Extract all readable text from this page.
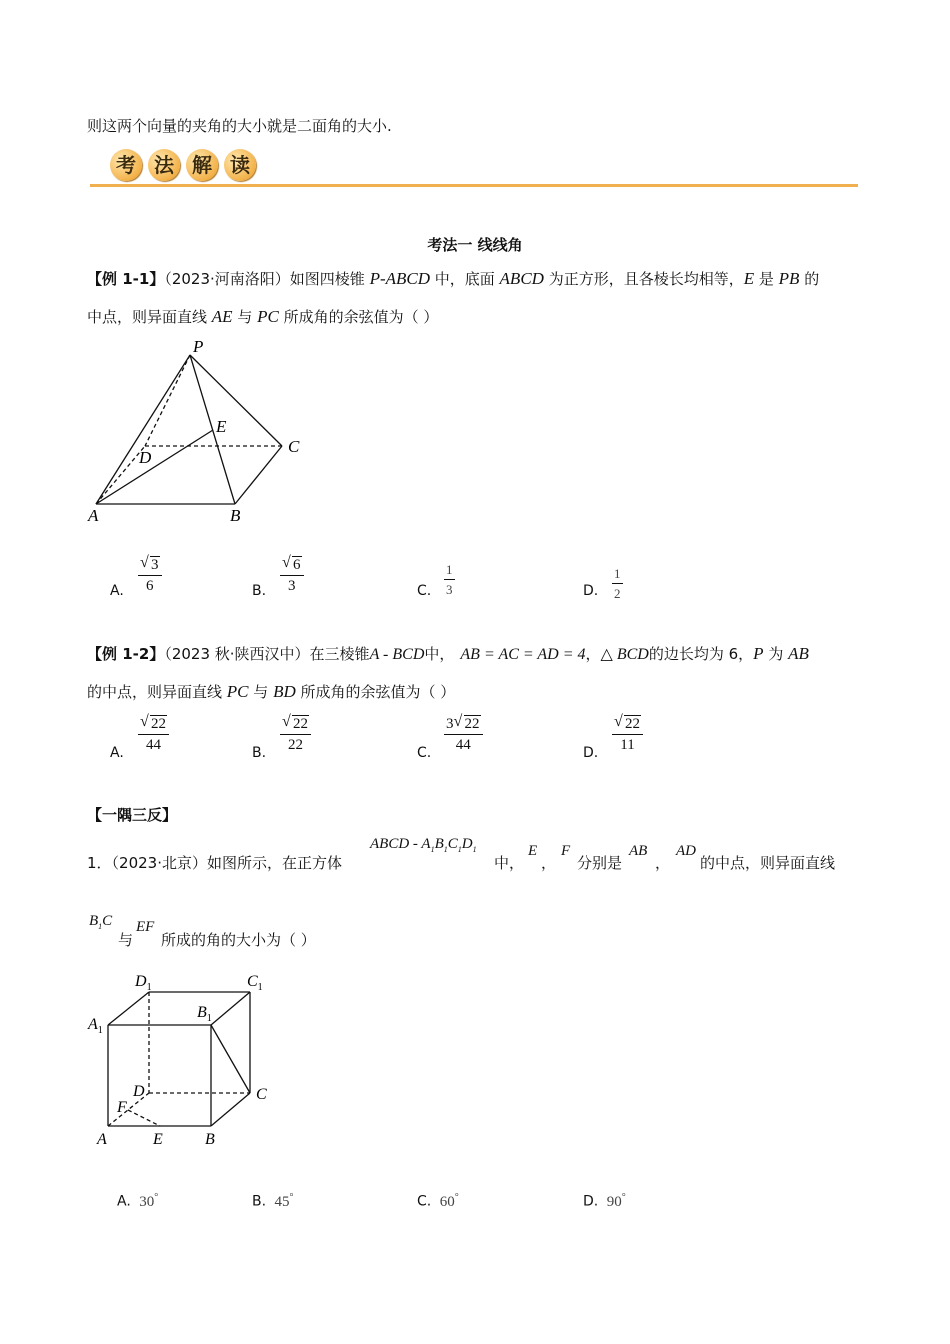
则这两个向量的夹角的大小就是二面角的大小.
考 法 解 读
考法一 线线角
【例 1-1】（2023·河南洛阳）如图四棱锥 P-ABCD 中，底面 ABCD 为正方形，且各棱长均相等，E 是 PB 的
中点，则异面直线 AE 与 PC 所成角的余弦值为（ ）
P
E
C
D
A	B
A. $\frac{√ 3}{6}$	B. $\frac{√ 6}{3}$	C. $\frac{1}{3}$	D. $\frac{1}{2}$
【例 1-2】（2023 秋·陕西汉中）在三棱锥A - BCD中， AB = AC = AD = 4，△ BCD的边长均为 6，P 为 AB
的中点，则异面直线 PC 与 BD 所成角的余弦值为（ ）
A. $\frac{√ 22}{44}$	B. $\frac{√ 22}{22}$	C. $\frac{3 √ 22}{44}$	D. $\frac{√ 22}{11}$
【一隅三反】
1．（2023·北京）如图所示，在正方体
ABCD - $A_1B_1C_1D_1$
中，
E
，
F
分别是
AB
，
AD
的中点，则异面直线
$B_1C$
与
EF
所成的角的大小为（ ）
$D_1$	$C_1$
$A_1$
$B_1$
D	C
F
A	E	B
A. 30°	B. 45°	C. 60°	D. 90°
